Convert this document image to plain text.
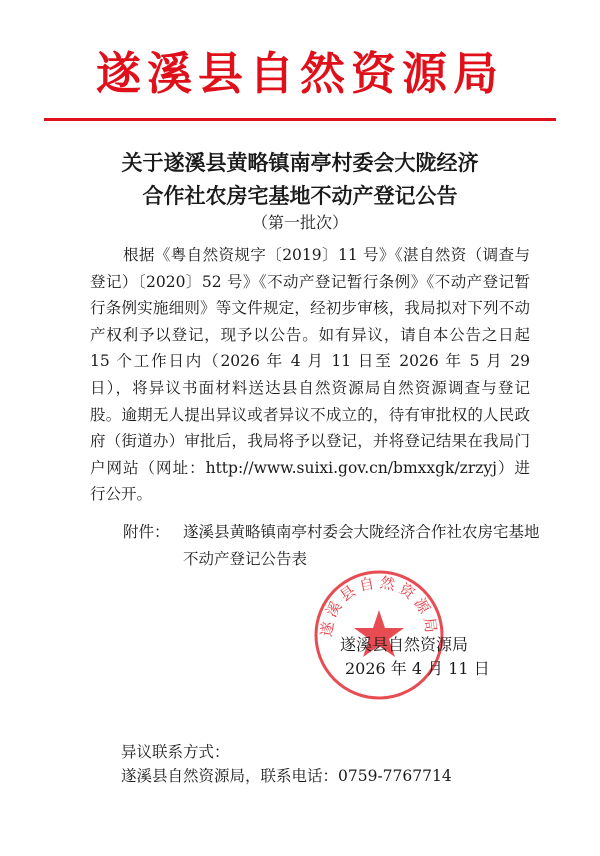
遂溪县自然资源局
关于遂溪县黄略镇南亭村委会大陇经济
合作社农房宅基地不动产登记公告
（第一批次）
根据《粤自然资规字〔2019〕11 号》《湛自然资（调查与登记）〔2020〕52 号》《不动产登记暂行条例》《不动产登记暂行条例实施细则》等文件规定，经初步审核，我局拟对下列不动产权利予以登记，现予以公告。如有异议，请自本公告之日起 15 个工作日内（2026 年 4 月 11 日至 2026 年 5 月 29 日），将异议书面材料送达县自然资源局自然资源调查与登记股。逾期无人提出异议或者异议不成立的，待有审批权的人民政府（街道办）审批后，我局将予以登记，并将登记结果在我局门户网站（网址：http://www.suixi.gov.cn/bmxxgk/zrzyj）进行公开。
附件： 遂溪县黄略镇南亭村委会大陇经济合作社农房宅基地不动产登记公告表
遂溪县自然资源局
遂溪县自然资源局
2026 年 4 月 11 日
异议联系方式：
遂溪县自然资源局，联系电话：0759-7767714
